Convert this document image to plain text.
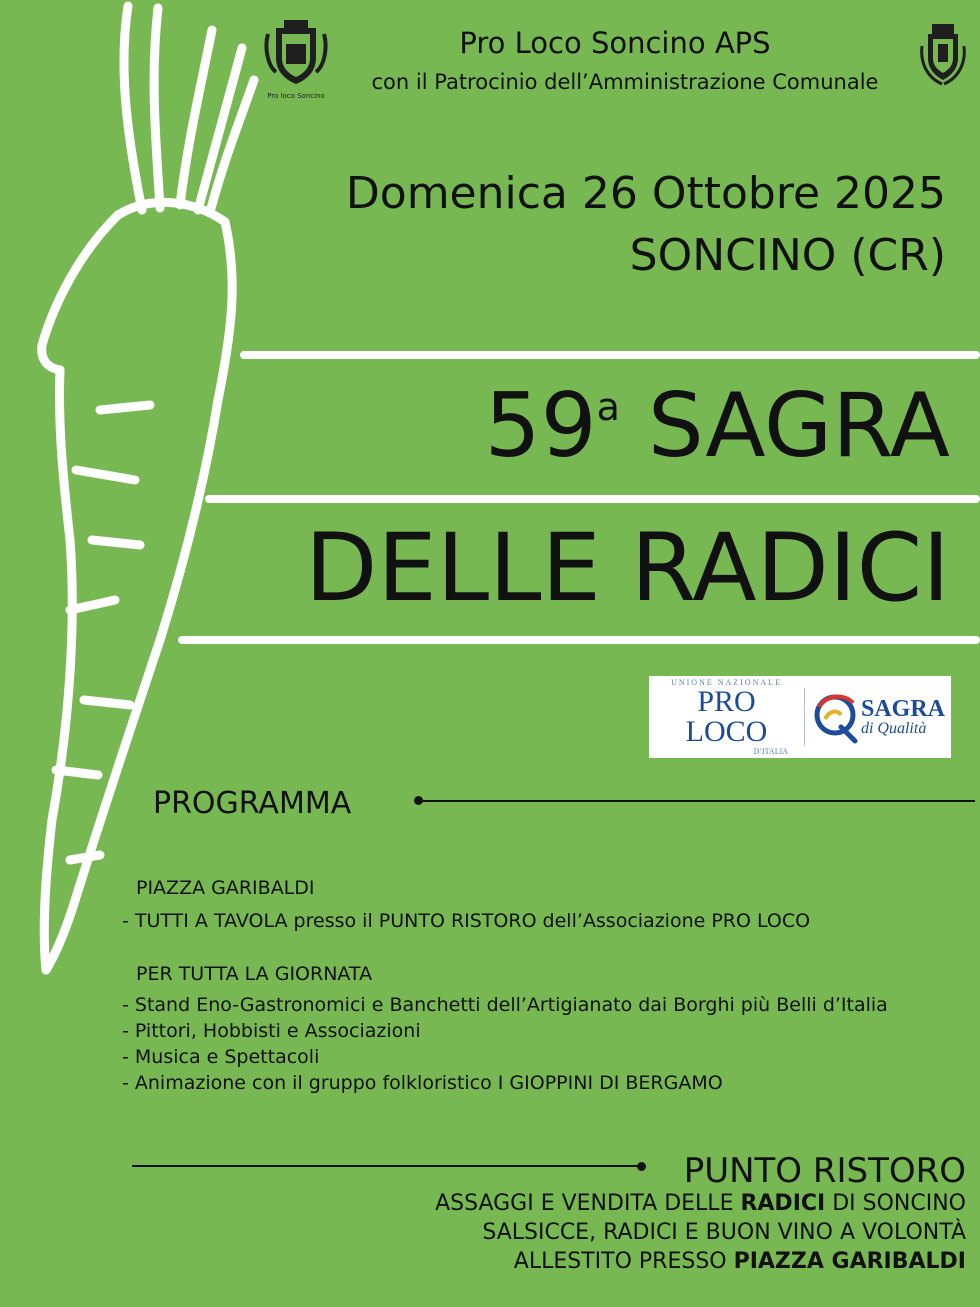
Pro loco Soncino
Pro Loco Soncino APS
con il Patrocinio dell’Amministrazione Comunale
Domenica 26 Ottobre 2025
SONCINO (CR)
59$^a$ SAGRA
DELLE RADICI
UNIONE NAZIONALE
PRO LOCO
D’ITALIA
SAGRA
di Qualità
PROGRAMMA
PIAZZA GARIBALDI
- TUTTI A TAVOLA presso il PUNTO RISTORO dell’Associazione PRO LOCO
PER TUTTA LA GIORNATA
- Stand Eno-Gastronomici e Banchetti dell’Artigianato dai Borghi più Belli d’Italia
- Pittori, Hobbisti e Associazioni
- Musica e Spettacoli
- Animazione con il gruppo folkloristico I GIOPPINI DI BERGAMO
PUNTO RISTORO
ASSAGGI E VENDITA DELLE RADICI DI SONCINO
SALSICCE, RADICI E BUON VINO A VOLONTÀ
ALLESTITO PRESSO PIAZZA GARIBALDI
